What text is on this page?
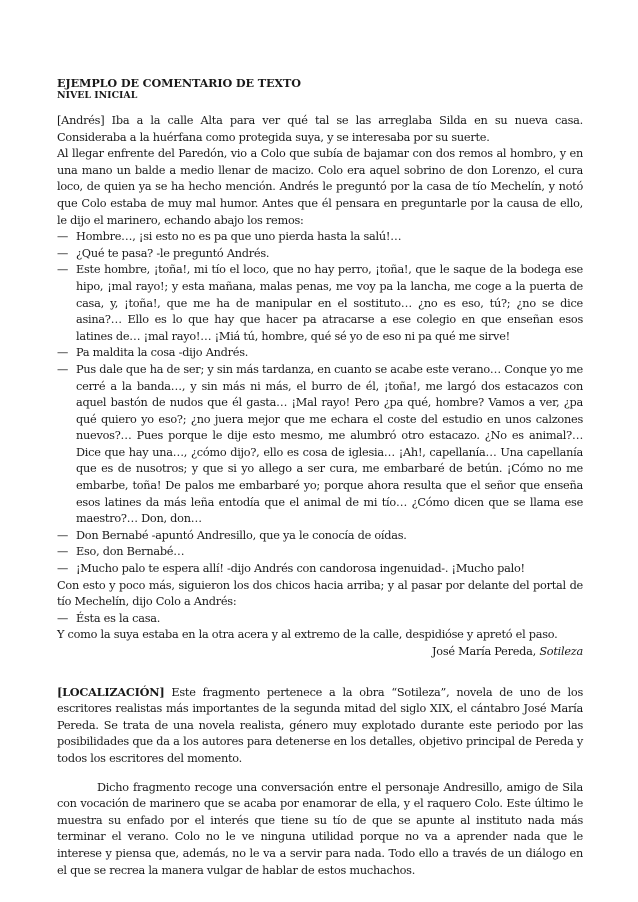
EJEMPLO DE COMENTARIO DE TEXTO
NIVEL INICIAL

[Andrés] Iba a la calle Alta para ver qué tal se las arreglaba Silda en su nueva casa. Consideraba a la huérfana como protegida suya, y se interesaba por su suerte.

Al llegar enfrente del Paredón, vio a Colo que subía de bajamar con dos remos al hombro, y en una mano un balde a medio llenar de macizo. Colo era aquel sobrino de don Lorenzo, el cura loco, de quien ya se ha hecho mención. Andrés le preguntó por la casa de tío Mechelín, y notó que Colo estaba de muy mal humor. Antes que él pensara en preguntarle por la causa de ello, le dijo el marinero, echando abajo los remos:

— Hombre…, ¡si esto no es pa que uno pierda hasta la salú!…
— ¿Qué te pasa? -le preguntó Andrés.
— Este hombre, ¡toña!, mi tío el loco, que no hay perro, ¡toña!, que le saque de la bodega ese hipo, ¡mal rayo!; y esta mañana, malas penas, me voy pa la lancha, me coge a la puerta de casa, y, ¡toña!, que me ha de manipular en el sostituto… ¿no es eso, tú?; ¿no se dice asina?… Ello es lo que hay que hacer pa atracarse a ese colegio en que enseñan esos latines de… ¡mal rayo!… ¡Miá tú, hombre, qué sé yo de eso ni pa qué me sirve!
— Pa maldita la cosa -dijo Andrés.
— Pus dale que ha de ser; y sin más tardanza, en cuanto se acabe este verano… Conque yo me cerré a la banda…, y sin más ni más, el burro de él, ¡toña!, me largó dos estacazos con aquel bastón de nudos que él gasta… ¡Mal rayo! Pero ¿pa qué, hombre? Vamos a ver, ¿pa qué quiero yo eso?; ¿no juera mejor que me echara el coste del estudio en unos calzones nuevos?… Pues porque le dije esto mesmo, me alumbró otro estacazo. ¿No es animal?… Dice que hay una…, ¿cómo dijo?, ello es cosa de iglesia… ¡Ah!, capellanía… Una capellanía que es de nusotros; y que si yo allego a ser cura, me embarbaré de betún. ¡Cómo no me embarbe, toña! De palos me embarbaré yo; porque ahora resulta que el señor que enseña esos latines da más leña entodía que el animal de mi tío… ¿Cómo dicen que se llama ese maestro?… Don, don…
— Don Bernabé -apuntó Andresillo, que ya le conocía de oídas.
— Eso, don Bernabé…
— ¡Mucho palo te espera allí! -dijo Andrés con candorosa ingenuidad-. ¡Mucho palo!

Con esto y poco más, siguieron los dos chicos hacia arriba; y al pasar por delante del portal de tío Mechelín, dijo Colo a Andrés:

— Ésta es la casa.

Y como la suya estaba en la otra acera y al extremo de la calle, despidióse y apretó el paso.

José María Pereda, Sotileza

[LOCALIZACIÓN] Este fragmento pertenece a la obra “Sotileza”, novela de uno de los escritores realistas más importantes de la segunda mitad del siglo XIX, el cántabro José María Pereda. Se trata de una novela realista, género muy explotado durante este periodo por las posibilidades que da a los autores para detenerse en los detalles, objetivo principal de Pereda y todos los escritores del momento.

Dicho fragmento recoge una conversación entre el personaje Andresillo, amigo de Sila con vocación de marinero que se acaba por enamorar de ella, y el raquero Colo. Este último le muestra su enfado por el interés que tiene su tío de que se apunte al instituto nada más terminar el verano. Colo no le ve ninguna utilidad porque no va a aprender nada que le interese y piensa que, además, no le va a servir para nada. Todo ello a través de un diálogo en el que se recrea la manera vulgar de hablar de estos muchachos.
